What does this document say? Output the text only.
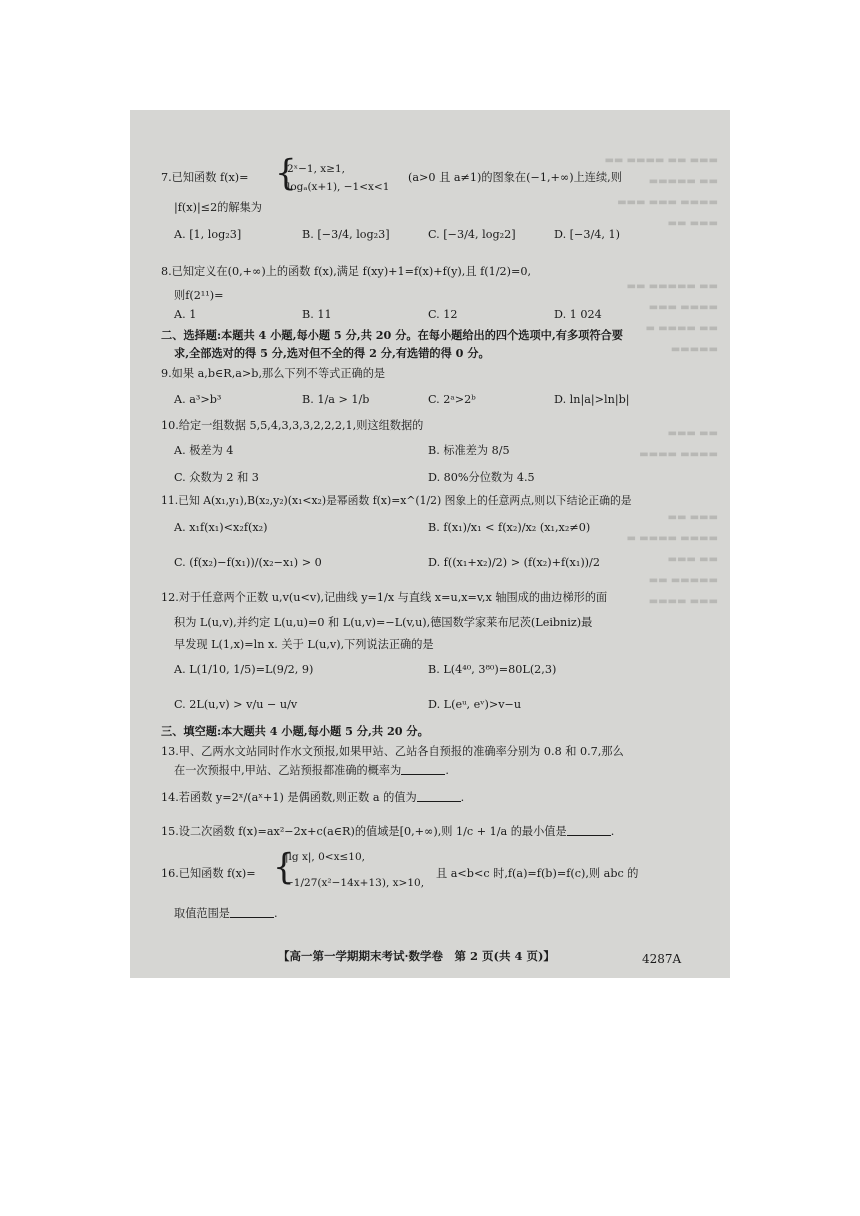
▬▬▬ ▬▬ ▬▬▬▬ ▬▬
▬▬ ▬▬▬▬▬
▬▬▬▬ ▬▬▬ ▬▬▬
▬▬▬ ▬▬

▬▬ ▬▬▬▬▬ ▬▬
▬▬▬▬ ▬▬▬
▬▬ ▬▬▬▬ ▬
▬▬▬▬▬

▬▬ ▬▬▬
▬▬▬▬ ▬▬▬▬

▬▬▬ ▬▬
▬▬▬▬ ▬▬▬▬ ▬
▬▬ ▬▬▬
▬▬▬▬▬ ▬▬
▬▬▬ ▬▬▬▬
7.已知函数 f(x)= {
2ˣ−1, x≥1,
logₐ(x+1), −1<x<1
(a>0 且 a≠1)的图象在(−1,+∞)上连续,则
|f(x)|≤2的解集为
A. [1, log₂3]	B. [−3/4, log₂3]	C. [−3/4, log₂2]	D. [−3/4, 1)
8.已知定义在(0,+∞)上的函数 f(x),满足 f(xy)+1=f(x)+f(y),且 f(1/2)=0,
则f(2¹¹)=
A. 1	B. 11	C. 12	D. 1 024
二、选择题:本题共 4 小题,每小题 5 分,共 20 分。在每小题给出的四个选项中,有多项符合要
求,全部选对的得 5 分,选对但不全的得 2 分,有选错的得 0 分。
9.如果 a,b∈R,a>b,那么下列不等式正确的是
A. a³>b³	B. 1/a > 1/b	C. 2ᵃ>2ᵇ	D. ln|a|>ln|b|
10.给定一组数据 5,5,4,3,3,3,2,2,2,1,则这组数据的
A. 极差为 4	B. 标准差为 8/5
C. 众数为 2 和 3	D. 80%分位数为 4.5
11.已知 A(x₁,y₁),B(x₂,y₂)(x₁<x₂)是幂函数 f(x)=x^(1/2) 图象上的任意两点,则以下结论正确的是
A. x₁f(x₁)<x₂f(x₂)	B. f(x₁)/x₁ < f(x₂)/x₂ (x₁,x₂≠0)
C. (f(x₂)−f(x₁))/(x₂−x₁) > 0	D. f((x₁+x₂)/2) > (f(x₂)+f(x₁))/2
12.对于任意两个正数 u,v(u<v),记曲线 y=1/x 与直线 x=u,x=v,x 轴围成的曲边梯形的面
积为 L(u,v),并约定 L(u,u)=0 和 L(u,v)=−L(v,u),德国数学家莱布尼茨(Leibniz)最
早发现 L(1,x)=ln x. 关于 L(u,v),下列说法正确的是
A. L(1/10, 1/5)=L(9/2, 9)	B. L(4⁴⁰, 3⁸⁰)=80L(2,3)
C. 2L(u,v) > v/u − u/v	D. L(eᵘ, eᵛ)>v−u
三、填空题:本大题共 4 小题,每小题 5 分,共 20 分。
13.甲、乙两水文站同时作水文预报,如果甲站、乙站各自预报的准确率分别为 0.8 和 0.7,那么
在一次预报中,甲站、乙站预报都准确的概率为	.
14.若函数 y=2ˣ/(aˣ+1) 是偶函数,则正数 a 的值为	.
15.设二次函数 f(x)=ax²−2x+c(a∈R)的值域是[0,+∞),则 1/c + 1/a 的最小值是	.
16.已知函数 f(x)= {
|lg x|, 0<x≤10,
−1/27(x²−14x+13), x>10,
且 a<b<c 时,f(a)=f(b)=f(c),则 abc 的
取值范围是	.
【高一第一学期期末考试·数学卷　第 2 页(共 4 页)】	4287A
